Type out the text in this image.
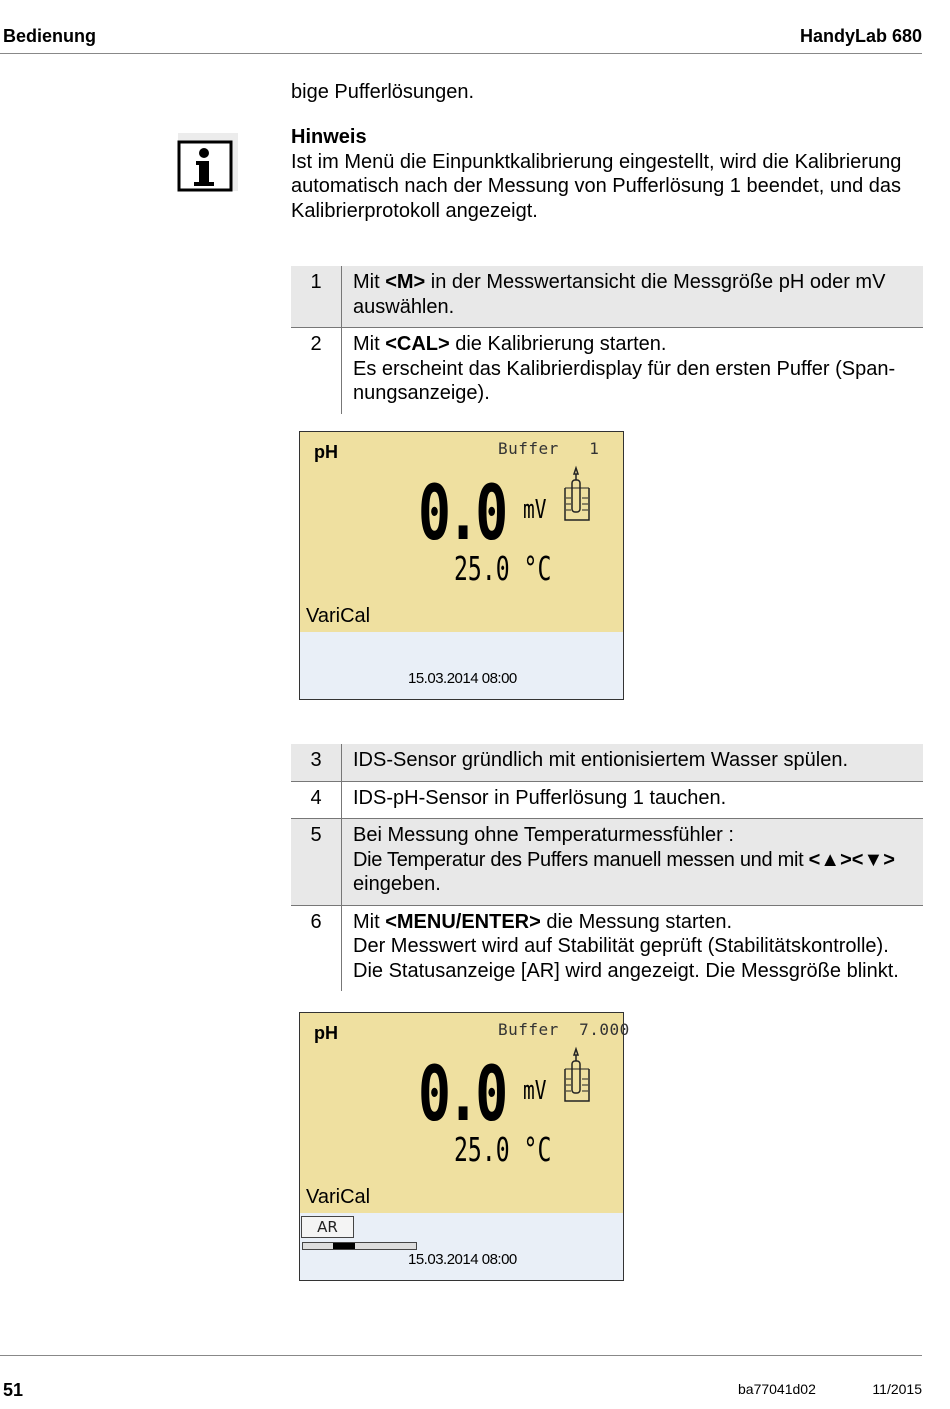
Bedienung	HandyLab 680
bige Pufferlösungen.
Hinweis
Ist im Menü die Einpunktkalibrierung eingestellt, wird die Kalibrierung
automatisch nach der Messung von Pufferlösung 1 beendet, und das
Kalibrierprotokoll angezeigt.
1	Mit <M> in der Messwertansicht die Messgröße pH oder mV
auswählen.
2	Mit <CAL> die Kalibrierung starten.
Es erscheint das Kalibrierdisplay für den ersten Puffer (Span-
nungsanzeige).
pH	Buffer 1
0.0 mV
25.0 °C
VariCal
15.03.2014 08:00
3	IDS-Sensor gründlich mit entionisiertem Wasser spülen.
4	IDS-pH-Sensor in Pufferlösung 1 tauchen.
5	Bei Messung ohne Temperaturmessfühler :
Die Temperatur des Puffers manuell messen und mit <▲><▼>
eingeben.
6	Mit <MENU/ENTER> die Messung starten.
Der Messwert wird auf Stabilität geprüft (Stabilitätskontrolle).
Die Statusanzeige [AR] wird angezeigt. Die Messgröße blinkt.
pH	Buffer 7.000
0.0 mV
25.0 °C
VariCal
AR
15.03.2014 08:00
51	ba77041d02	11/2015
